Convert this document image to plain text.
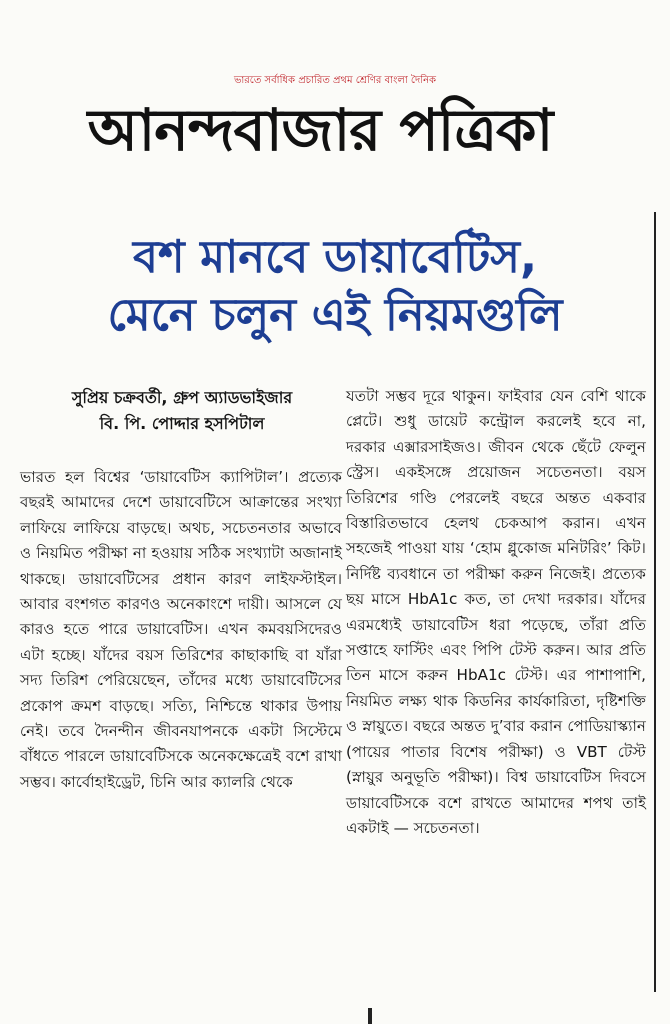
ভারতে সর্বাধিক প্রচারিত প্রথম শ্রেণির বাংলা দৈনিক
আনন্দবাজার পত্রিকা
বশ মানবে ডায়াবেটিস,
মেনে চলুন এই নিয়মগুলি
সুপ্রিয় চক্রবর্তী, গ্রুপ অ্যাডভাইজার
বি. পি. পোদ্দার হসপিটাল

ভারত হল বিশ্বের ‘ডায়াবেটিস ক্যাপিটাল’। প্রত্যেক বছরই আমাদের দেশে ডায়াবেটিসে আক্রান্তের সংখ্যা লাফিয়ে লাফিয়ে বাড়ছে। অথচ, সচেতনতার অভাবে ও নিয়মিত পরীক্ষা না হওয়ায় সঠিক সংখ্যাটা অজানাই থাকছে। ডায়াবেটিসের প্রধান কারণ লাইফস্টাইল। আবার বংশগত কারণও অনেকাংশে দায়ী। আসলে যে কারও হতে পারে ডায়াবেটিস। এখন কমবয়সিদেরও এটা হচ্ছে। যাঁদের বয়স তিরিশের কাছাকাছি বা যাঁরা সদ্য তিরিশ পেরিয়েছেন, তাঁদের মধ্যে ডায়াবেটিসের প্রকোপ ক্রমশ বাড়ছে। সত্যি, নিশ্চিন্তে থাকার উপায় নেই। তবে দৈনন্দীন জীবনযাপনকে একটা সিস্টেমে বাঁধতে পারলে ডায়াবেটিসকে অনেকক্ষেত্রেই বশে রাখা সম্ভব। কার্বোহাইড্রেট, চিনি আর ক্যালরি থেকে

যতটা সম্ভব দূরে থাকুন। ফাইবার যেন বেশি থাকে প্লেটে। শুধু ডায়েট কন্ট্রোল করলেই হবে না, দরকার এক্সারসাইজও। জীবন থেকে ছেঁটে ফেলুন স্ট্রেস। একইসঙ্গে প্রয়োজন সচেতনতা। বয়স তিরিশের গণ্ডি পেরলেই বছরে অন্তত একবার বিস্তারিতভাবে হেলথ চেকআপ করান। এখন সহজেই পাওয়া যায় ‘হোম গ্লুকোজ মনিটরিং’ কিট। নির্দিষ্ট ব্যবধানে তা পরীক্ষা করুন নিজেই। প্রত্যেক ছয় মাসে HbA1c কত, তা দেখা দরকার। যাঁদের এরমধ্যেই ডায়াবেটিস ধরা পড়েছে, তাঁরা প্রতি সপ্তাহে ফাস্টিং এবং পিপি টেস্ট করুন। আর প্রতি তিন মাসে করুন HbA1c টেস্ট। এর পাশাপাশি, নিয়মিত লক্ষ্য থাক কিডনির কার্যকারিতা, দৃষ্টিশক্তি ও স্নায়ুতে। বছরে অন্তত দু’বার করান পোডিয়াস্ক্যান (পায়ের পাতার বিশেষ পরীক্ষা) ও VBT টেস্ট (স্নায়ুর অনুভূতি পরীক্ষা)। বিশ্ব ডায়াবেটিস দিবসে ডায়াবেটিসকে বশে রাখতে আমাদের শপথ তাই একটাই — সচেতনতা।
